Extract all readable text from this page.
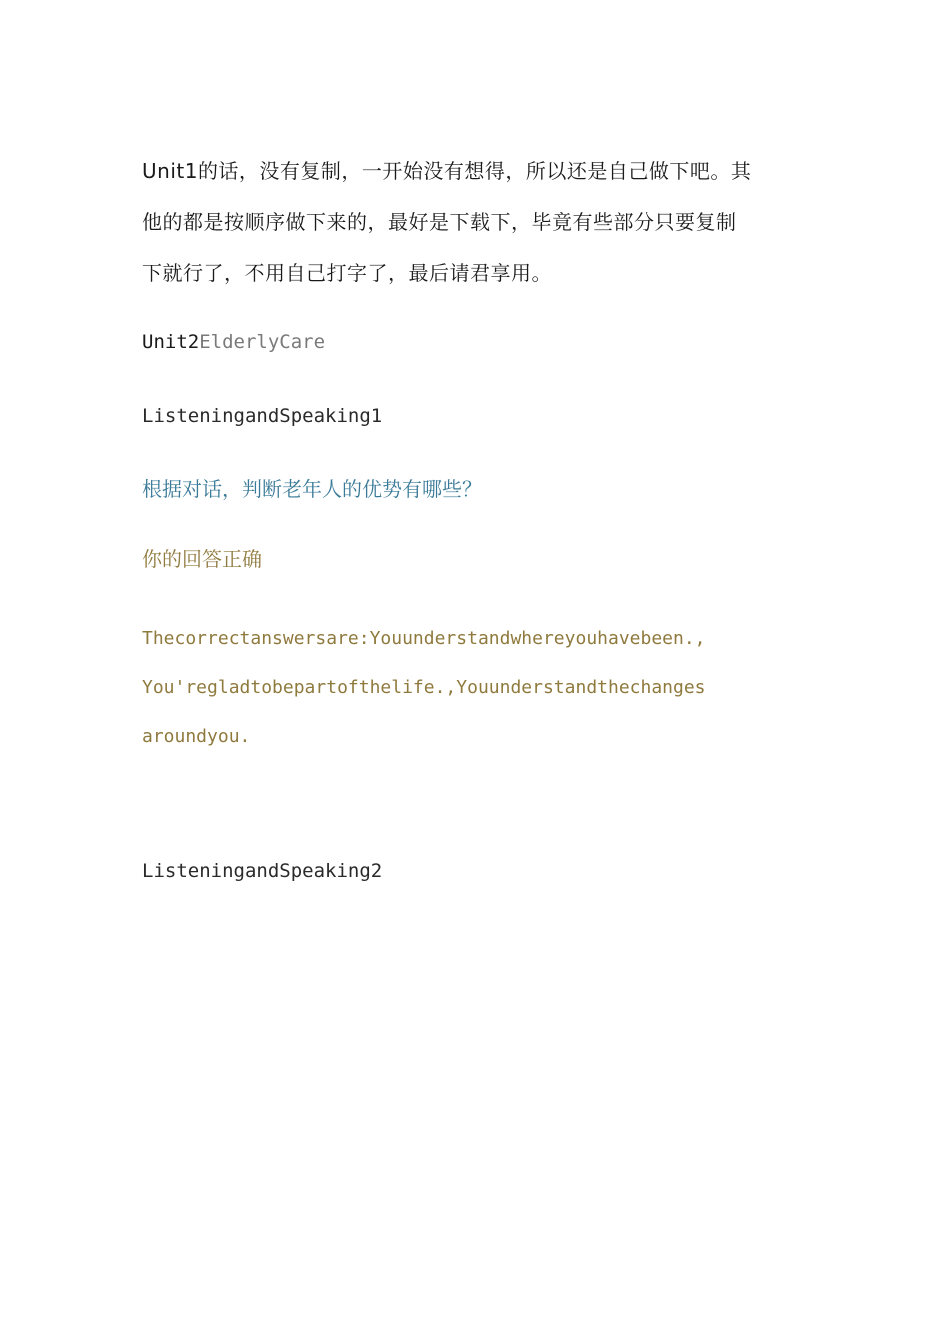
Unit1的话，没有复制，一开始没有想得，所以还是自己做下吧。其
他的都是按顺序做下来的，最好是下载下，毕竟有些部分只要复制
下就行了，不用自己打字了，最后请君享用。
Unit2ElderlyCare
ListeningandSpeaking1
根据对话，判断老年人的优势有哪些？
你的回答正确
Thecorrectanswersare:Youunderstandwhereyouhavebeen.,
You'regladtobepartofthelife.,Youunderstandthechanges
aroundyou.
ListeningandSpeaking2
